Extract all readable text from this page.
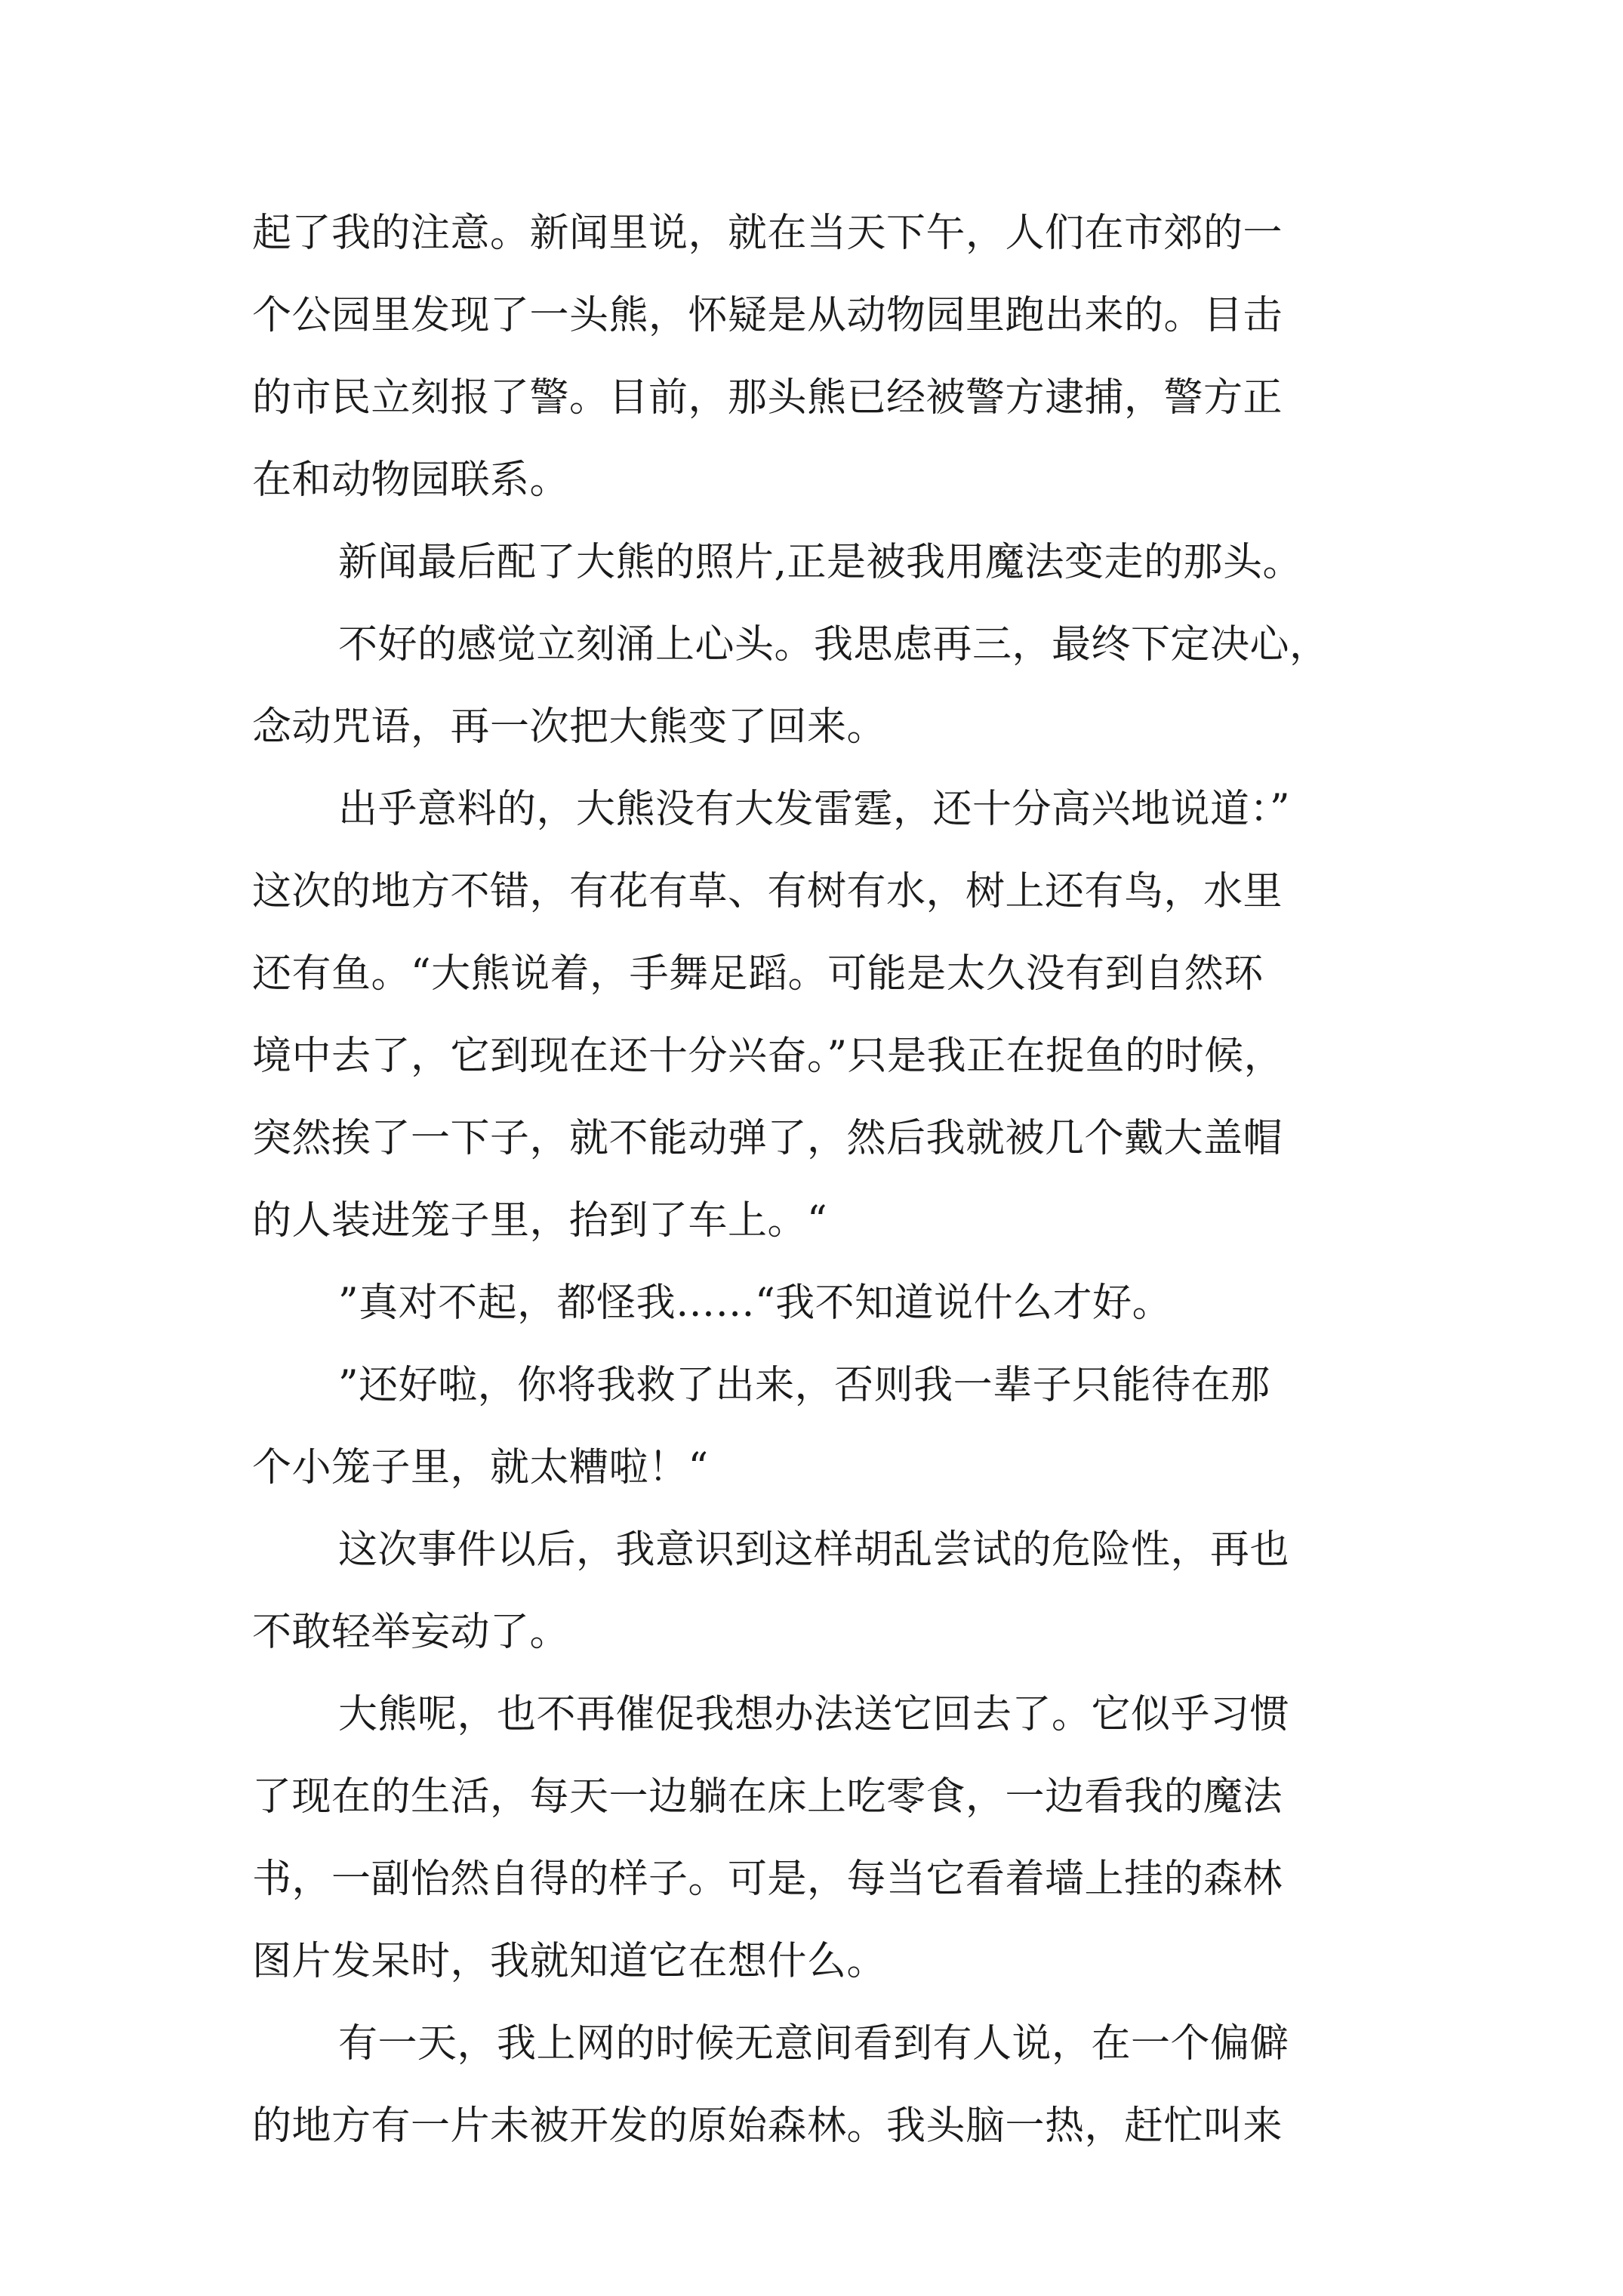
起了我的注意。新闻里说，就在当天下午，人们在市郊的一
个公园里发现了一头熊，怀疑是从动物园里跑出来的。目击
的市民立刻报了警。目前，那头熊已经被警方逮捕，警方正
在和动物园联系。
新闻最后配了大熊的照片,正是被我用魔法变走的那头。
不好的感觉立刻涌上心头。我思虑再三，最终下定决心，
念动咒语，再一次把大熊变了回来。
出乎意料的，大熊没有大发雷霆，还十分高兴地说道：”
这次的地方不错，有花有草、有树有水，树上还有鸟，水里
还有鱼。“大熊说着，手舞足蹈。可能是太久没有到自然环
境中去了，它到现在还十分兴奋。”只是我正在捉鱼的时候，
突然挨了一下子，就不能动弹了，然后我就被几个戴大盖帽
的人装进笼子里，抬到了车上。“
”真对不起，都怪我……“我不知道说什么才好。
”还好啦，你将我救了出来，否则我一辈子只能待在那
个小笼子里，就太糟啦！“
这次事件以后，我意识到这样胡乱尝试的危险性，再也
不敢轻举妄动了。
大熊呢，也不再催促我想办法送它回去了。它似乎习惯
了现在的生活，每天一边躺在床上吃零食，一边看我的魔法
书，一副怡然自得的样子。可是，每当它看着墙上挂的森林
图片发呆时，我就知道它在想什么。
有一天，我上网的时候无意间看到有人说，在一个偏僻
的地方有一片未被开发的原始森林。我头脑一热，赶忙叫来
